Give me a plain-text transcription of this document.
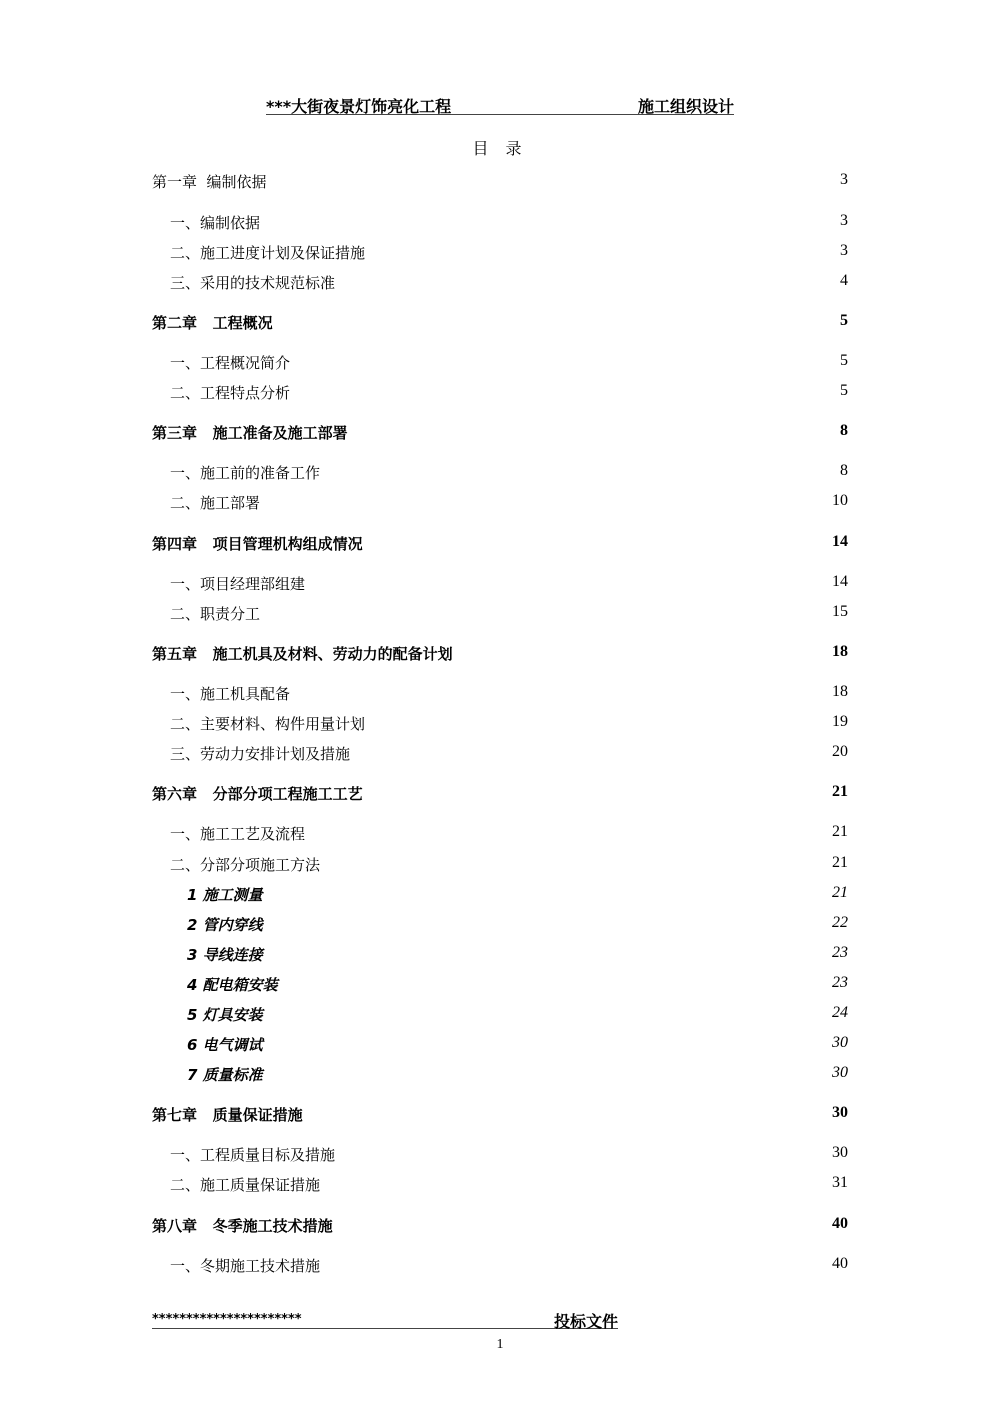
***大街夜景灯饰亮化工程	施工组织设计
目 录
第一章  编制依据	3
一、编制依据	3
二、施工进度计划及保证措施	3
三、采用的技术规范标准	4
第二章   工程概况	5
一、工程概况简介	5
二、工程特点分析	5
第三章   施工准备及施工部署	8
一、施工前的准备工作	8
二、施工部署	10
第四章   项目管理机构组成情况	14
一、项目经理部组建	14
二、职责分工	15
第五章   施工机具及材料、劳动力的配备计划	18
一、施工机具配备	18
二、主要材料、构件用量计划	19
三、劳动力安排计划及措施	20
第六章   分部分项工程施工工艺	21
一、施工工艺及流程	21
二、分部分项施工方法	21
1 施工测量	21
2 管内穿线	22
3 导线连接	23
4 配电箱安装	23
5 灯具安装	24
6 电气调试	30
7 质量标准	30
第七章   质量保证措施	30
一、工程质量目标及措施	30
二、施工质量保证措施	31
第八章   冬季施工技术措施	40
一、冬期施工技术措施	40
**********************	投标文件
1
